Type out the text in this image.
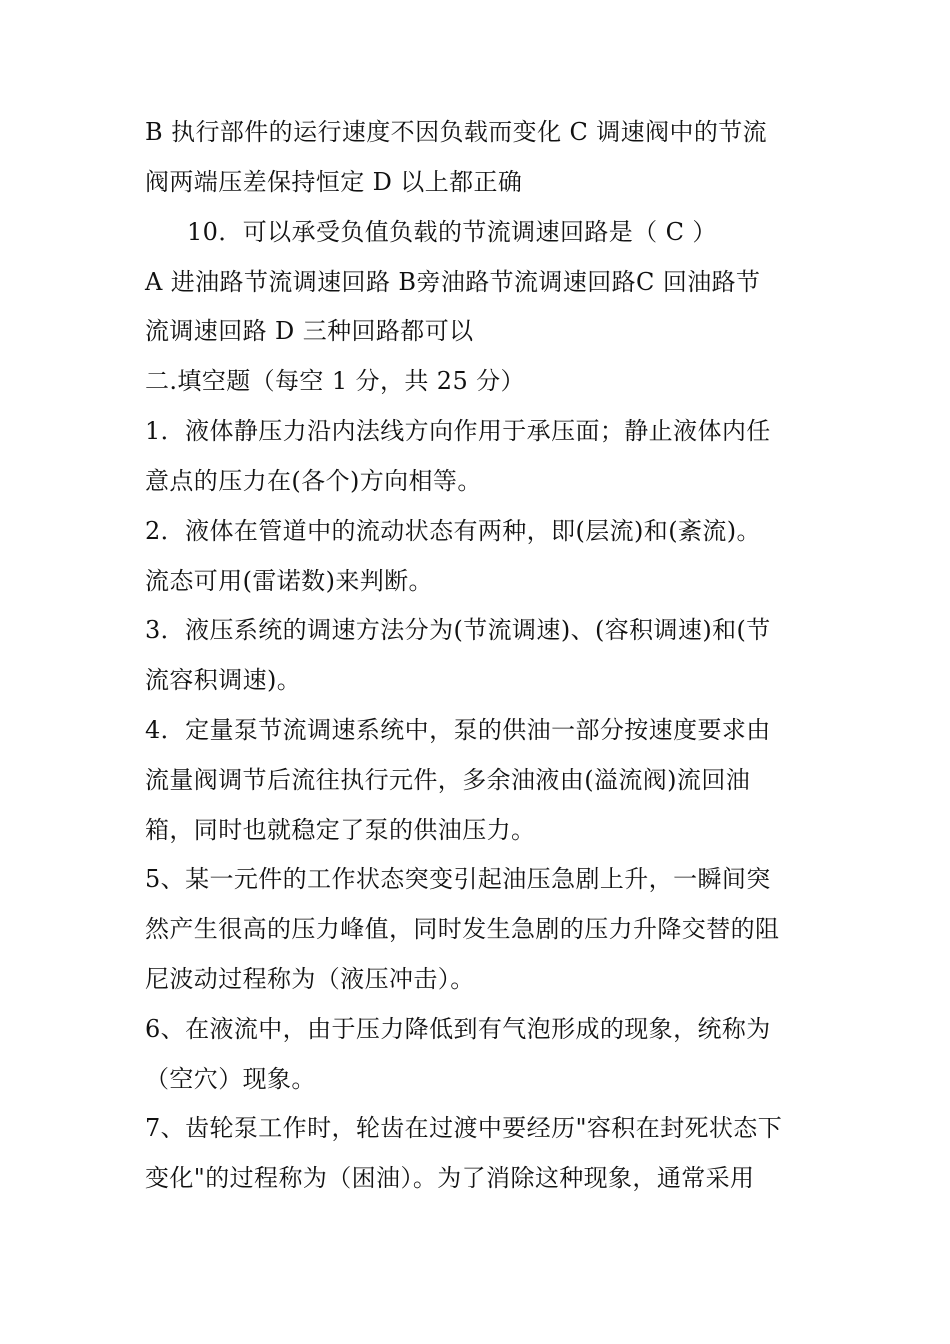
B 执行部件的运行速度不因负载而变化 C 调速阀中的节流
阀两端压差保持恒定 D 以上都正确
10．可以承受负值负载的节流调速回路是（ C ）
A 进油路节流调速回路 B旁油路节流调速回路C 回油路节
流调速回路 D 三种回路都可以
二.填空题（每空 1 分，共 25 分）
1．液体静压力沿内法线方向作用于承压面；静止液体内任
意点的压力在(各个)方向相等。
2．液体在管道中的流动状态有两种，即(层流)和(紊流)。
流态可用(雷诺数)来判断。
3．液压系统的调速方法分为(节流调速)、(容积调速)和(节
流容积调速)。
4．定量泵节流调速系统中，泵的供油一部分按速度要求由
流量阀调节后流往执行元件，多余油液由(溢流阀)流回油
箱，同时也就稳定了泵的供油压力。
5、某一元件的工作状态突变引起油压急剧上升，一瞬间突
然产生很高的压力峰值，同时发生急剧的压力升降交替的阻
尼波动过程称为（液压冲击）。
6、在液流中，由于压力降低到有气泡形成的现象，统称为
（空穴）现象。
7、齿轮泵工作时，轮齿在过渡中要经历"容积在封死状态下
变化"的过程称为（困油）。为了消除这种现象，通常采用
